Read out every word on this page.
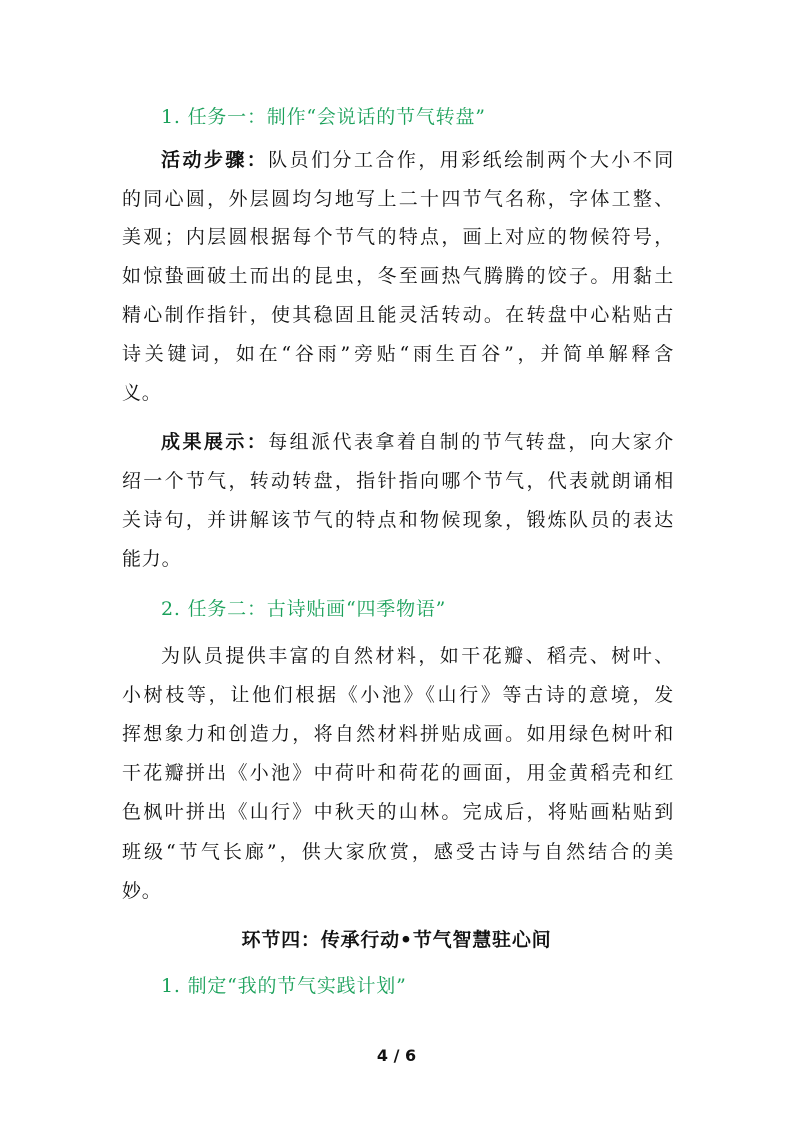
1. 任务一：制作“会说话的节气转盘”
活动步骤：队员们分工合作，用彩纸绘制两个大小不同
的同心圆，外层圆均匀地写上二十四节气名称，字体工整、
美观；内层圆根据每个节气的特点，画上对应的物候符号，
如惊蛰画破土而出的昆虫，冬至画热气腾腾的饺子。用黏土
精心制作指针，使其稳固且能灵活转动。在转盘中心粘贴古
诗关键词，如在“谷雨”旁贴“雨生百谷”，并简单解释含
义。
成果展示：每组派代表拿着自制的节气转盘，向大家介
绍一个节气，转动转盘，指针指向哪个节气，代表就朗诵相
关诗句，并讲解该节气的特点和物候现象，锻炼队员的表达
能力。
2. 任务二：古诗贴画“四季物语”
为队员提供丰富的自然材料，如干花瓣、稻壳、树叶、
小树枝等，让他们根据《小池》《山行》等古诗的意境，发
挥想象力和创造力，将自然材料拼贴成画。如用绿色树叶和
干花瓣拼出《小池》中荷叶和荷花的画面，用金黄稻壳和红
色枫叶拼出《山行》中秋天的山林。完成后，将贴画粘贴到
班级“节气长廊”，供大家欣赏，感受古诗与自然结合的美
妙。
环节四：传承行动•节气智慧驻心间
1. 制定“我的节气实践计划”
4 / 6
